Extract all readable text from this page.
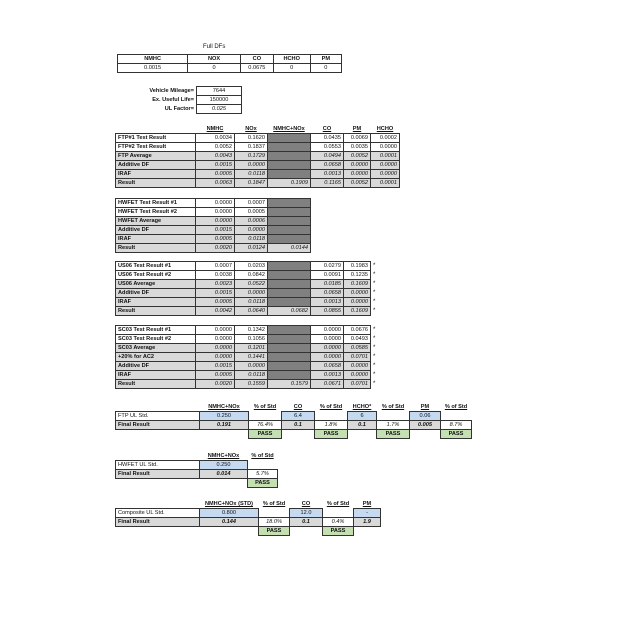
Full DFs
NMHC	NOX	CO	HCHO	PM
0.0015	0	0.0675	0	0
Vehicle Mileage=	7644
Ex. Useful Life=	150000
UL Factor=	0.025
	NMHC	NOx	NMHC+NOx	CO	PM	HCHO
FTP#1 Test Result	0.0034	0.1620		0.0435	0.0069	0.0002
FTP#2 Test Result	0.0052	0.1837		0.0553	0.0035	0.0000
FTP Average	0.0043	0.1729		0.0494	0.0052	0.0001
Additive DF	0.0015	0.0000		0.0658	0.0000	0.0000
IRAF	0.0005	0.0118		0.0013	0.0000	0.0000
Result	0.0063	0.1847	0.1909	0.1165	0.0052	0.0001
HWFET Test Result #1	0.0000	0.0007	
HWFET Test Result #2	0.0000	0.0005	
HWFET Average	0.0000	0.0006	
Additive DF	0.0015	0.0000	
IRAF	0.0005	0.0118	
Result	0.0020	0.0124	0.0144
US06 Test Result #1	0.0007	0.0203		0.0279	0.1983	*
US06 Test Result #2	0.0038	0.0842		0.0091	0.1235	*
US06 Average	0.0023	0.0522		0.0185	0.1609	*
Additive DF	0.0015	0.0000		0.0658	0.0000	*
IRAF	0.0005	0.0118		0.0013	0.0000	*
Result	0.0042	0.0640	0.0682	0.0855	0.1609	*
SC03 Test Result #1	0.0000	0.1342		0.0000	0.0676	*
SC03 Test Result #2	0.0000	0.1056		0.0000	0.0493	*
SC03 Average	0.0000	0.1201		0.0000	0.0585	*
+20% for AC2	0.0000	0.1441		0.0000	0.0701	*
Additive DF	0.0015	0.0000		0.0658	0.0000	*
IRAF	0.0005	0.0118		0.0013	0.0000	*
Result	0.0020	0.1559	0.1579	0.0671	0.0701	*
	NMHC+NOx	% of Std	CO	% of Std	HCHO*	% of Std	PM	% of Std
FTP UL Std.	0.250		6.4		6		0.06	
Final Result	0.191	76.4%	0.1	1.8%	0.1	1.7%	0.005	8.7%
		PASS		PASS		PASS		PASS
	NMHC+NOx	% of Std
HWFET UL Std.	0.250	
Final Result	0.014	5.7%
		PASS
	NMHC+NOx (STD)	% of Std	CO	% of Std	PM
Composite UL Std.	0.800		12.0		-
Final Result	0.144	18.0%	0.1	0.4%	1.9
		PASS		PASS	
